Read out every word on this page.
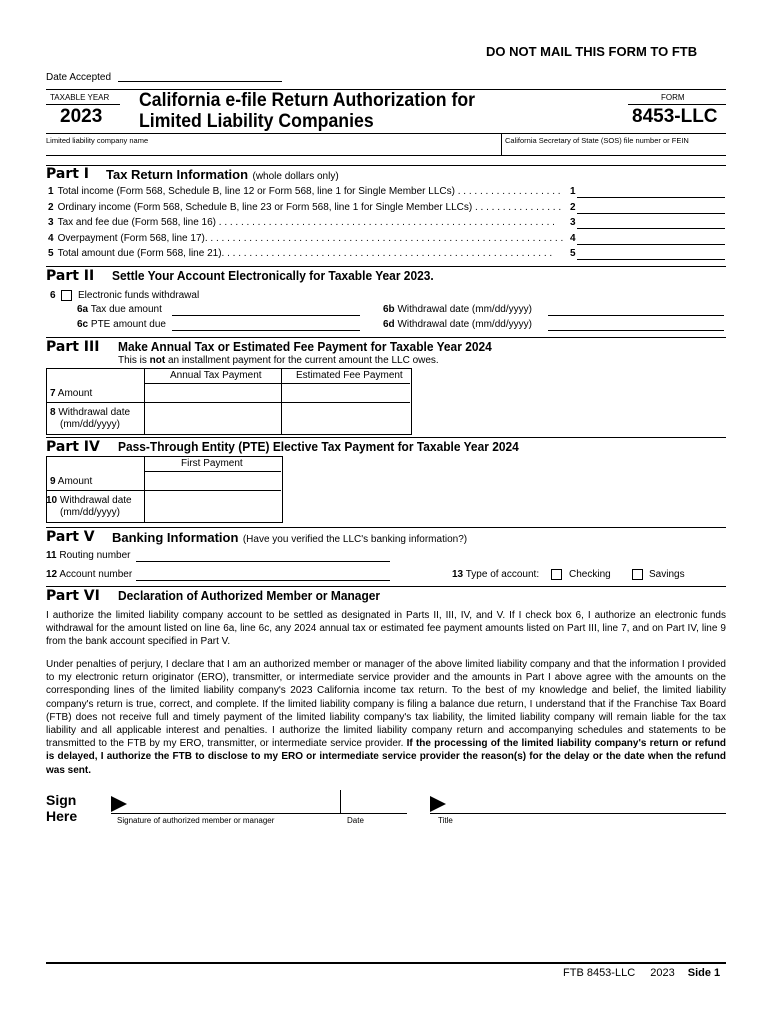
DO NOT MAIL THIS FORM TO FTB
Date Accepted
TAXABLE YEAR
2023
California e-file Return Authorization for
Limited Liability Companies
FORM
8453-LLC
Limited liability company name	California Secretary of State (SOS) file number or FEIN
Part I Tax Return Information (whole dollars only)
1 Total income (Form 568, Schedule B, line 12 or Form 568, line 1 for Single Member LLCs) . . . . . . . . . . . . . . . . . . . 1
2 Ordinary income (Form 568, Schedule B, line 23 or Form 568, line 1 for Single Member LLCs) . . . . . . . . . . . . . . . . 2
3 Tax and fee due (Form 568, line 16) . . . . . . . . . . . . . . . . . . . . . . . . . . . . . . . . . . . . . . . . . . . . . . . . . . . . . . . . . . . . .	3
4 Overpayment (Form 568, line 17). . . . . . . . . . . . . . . . . . . . . . . . . . . . . . . . . . . . . . . . . . . . . . . . . . . . . . . . . . . . . . . . . 4
5 Total amount due (Form 568, line 21). . . . . . . . . . . . . . . . . . . . . . . . . . . . . . . . . . . . . . . . . . . . . . . . . . . . . . . . . . . .	5
Part II Settle Your Account Electronically for Taxable Year 2023.
6 Electronic funds withdrawal
6a Tax due amount	6b Withdrawal date (mm/dd/yyyy)
6c PTE amount due	6d Withdrawal date (mm/dd/yyyy)
Part III Make Annual Tax or Estimated Fee Payment for Taxable Year 2024
This is not an installment payment for the current amount the LLC owes.
Annual Tax Payment	Estimated Fee Payment
7 Amount
8 Withdrawal date
(mm/dd/yyyy)
Part IV Pass-Through Entity (PTE) Elective Tax Payment for Taxable Year 2024
First Payment
9 Amount
10 Withdrawal date
(mm/dd/yyyy)
Part V Banking Information (Have you verified the LLC's banking information?)
11 Routing number
12 Account number	13 Type of account:	Checking	Savings
Part VI Declaration of Authorized Member or Manager
I authorize the limited liability company account to be settled as designated in Parts II, III, IV, and V. If I check box 6, I authorize an electronic funds withdrawal for the amount listed on line 6a, line 6c, any 2024 annual tax or estimated fee payment amounts listed on Part III, line 7, and on Part IV, line 9 from the bank account specified in Part V.
Under penalties of perjury, I declare that I am an authorized member or manager of the above limited liability company and that the information I provided to my electronic return originator (ERO), transmitter, or intermediate service provider and the amounts in Part I above agree with the amounts on the corresponding lines of the limited liability company's 2023 California income tax return. To the best of my knowledge and belief, the limited liability company's return is true, correct, and complete. If the limited liability company is filing a balance due return, I understand that if the Franchise Tax Board (FTB) does not receive full and timely payment of the limited liability company's tax liability, the limited liability company will remain liable for the tax liability and all applicable interest and penalties. I authorize the limited liability company return and accompanying schedules and statements to be transmitted to the FTB by my ERO, transmitter, or intermediate service provider. If the processing of the limited liability company's return or refund is delayed, I authorize the FTB to disclose to my ERO or intermediate service provider the reason(s) for the delay or the date when the refund was sent.
Sign
Here	Signature of authorized member or manager	Date	Title
FTB 8453-LLC 2023 Side 1
